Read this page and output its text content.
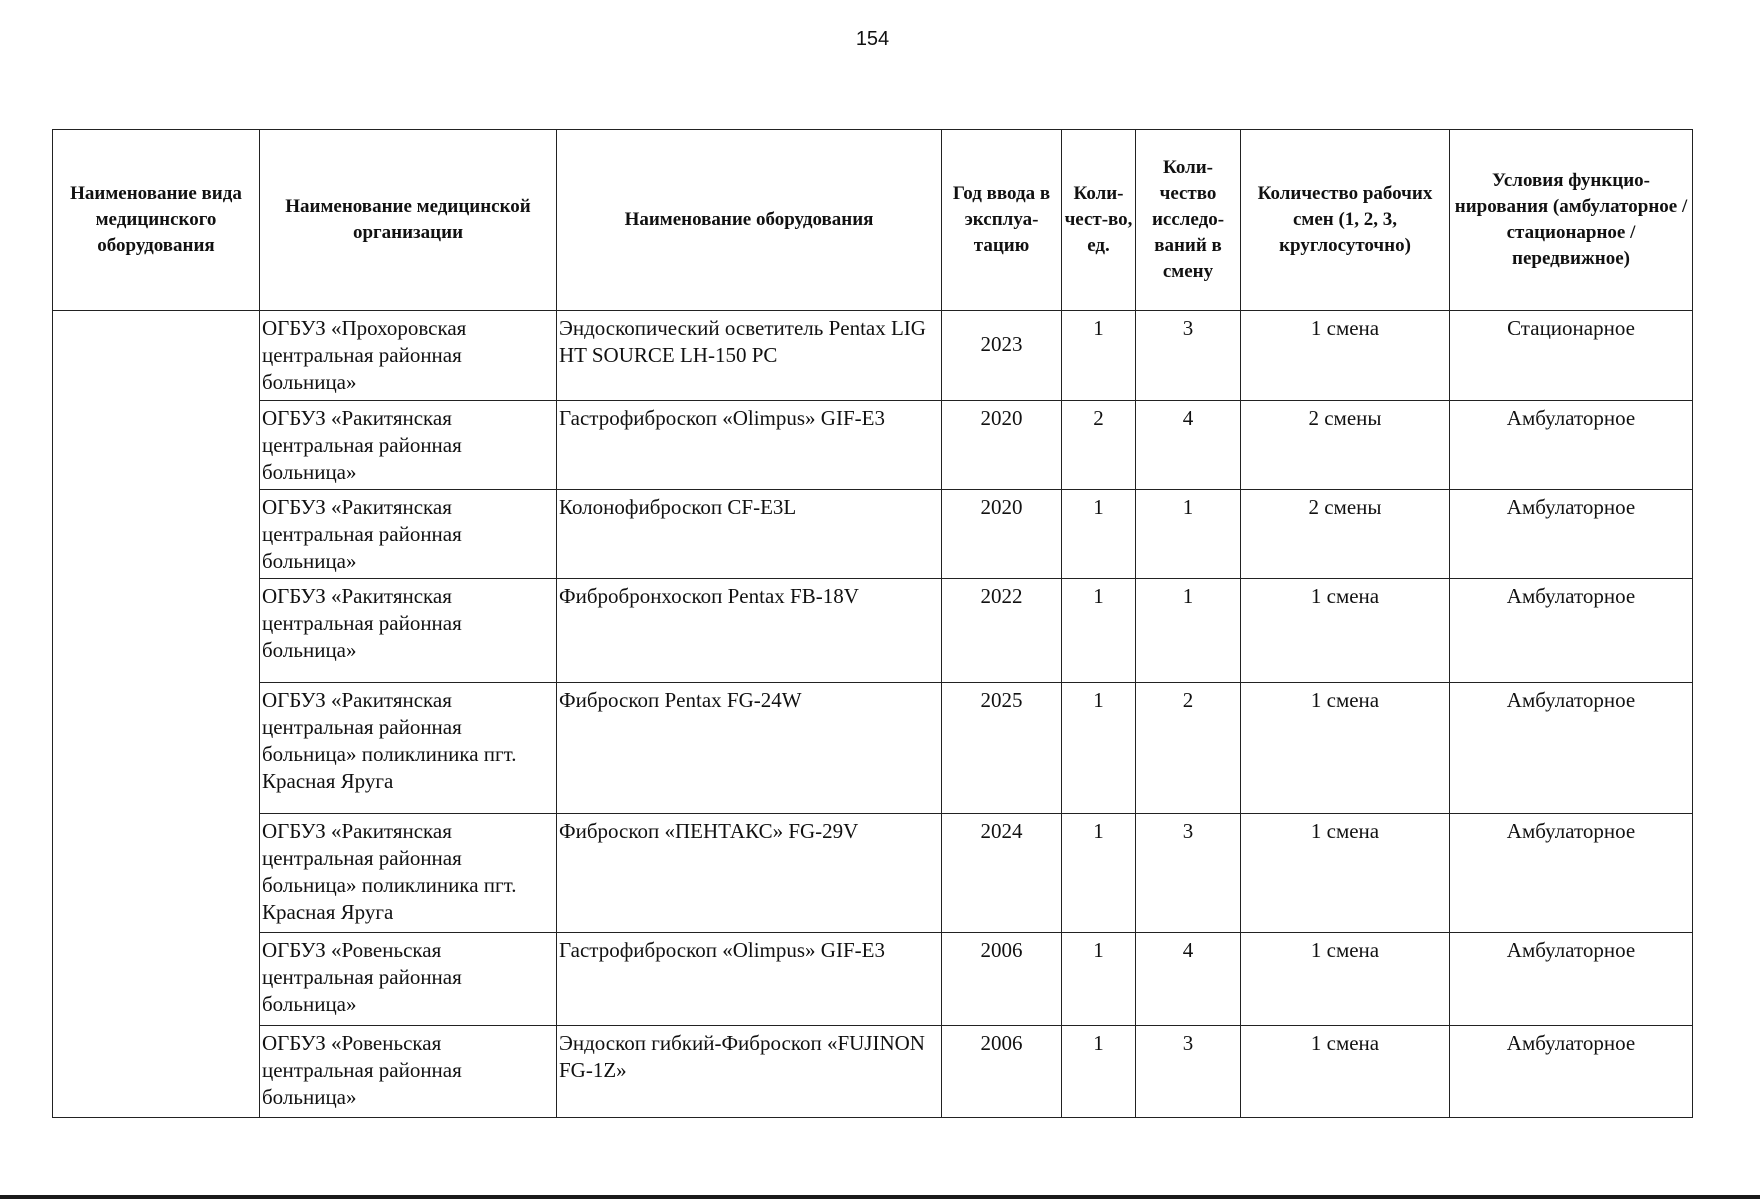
154
Наименование вида медицинского оборудования	Наименование медицинской организации	Наименование оборудования	Год ввода в эксплуа-тацию	Коли-чест-во, ед.	Коли-чество исследо-ваний в смену	Количество рабочих смен (1, 2, 3, круглосуточно)	Условия функцио-нирования (амбулаторное / стационарное / передвижное)
	ОГБУЗ «Прохоровская центральная районная больница»	Эндоскопический осветитель Pentax LIG HT SOURCE LH-150 PC	2023	1	3	1 смена	Стационарное
	ОГБУЗ «Ракитянская центральная районная больница»	Гастрофиброскоп «Olimpus» GIF-E3	2020	2	4	2 смены	Амбулаторное
	ОГБУЗ «Ракитянская центральная районная больница»	Колонофиброскоп CF-E3L	2020	1	1	2 смены	Амбулаторное
	ОГБУЗ «Ракитянская центральная районная больница»	Фибробронхоскоп Pentax FB-18V	2022	1	1	1 смена	Амбулаторное
	ОГБУЗ «Ракитянская центральная районная больница» поликлиника пгт. Красная Яруга	Фиброскоп Pentax FG-24W	2025	1	2	1 смена	Амбулаторное
	ОГБУЗ «Ракитянская центральная районная больница» поликлиника пгт. Красная Яруга	Фиброскоп «ПЕНТАКС» FG-29V	2024	1	3	1 смена	Амбулаторное
	ОГБУЗ «Ровеньская центральная районная больница»	Гастрофиброскоп «Olimpus» GIF-E3	2006	1	4	1 смена	Амбулаторное
	ОГБУЗ «Ровеньская центральная районная больница»	Эндоскоп гибкий-Фиброскоп «FUJINON FG-1Z»	2006	1	3	1 смена	Амбулаторное
